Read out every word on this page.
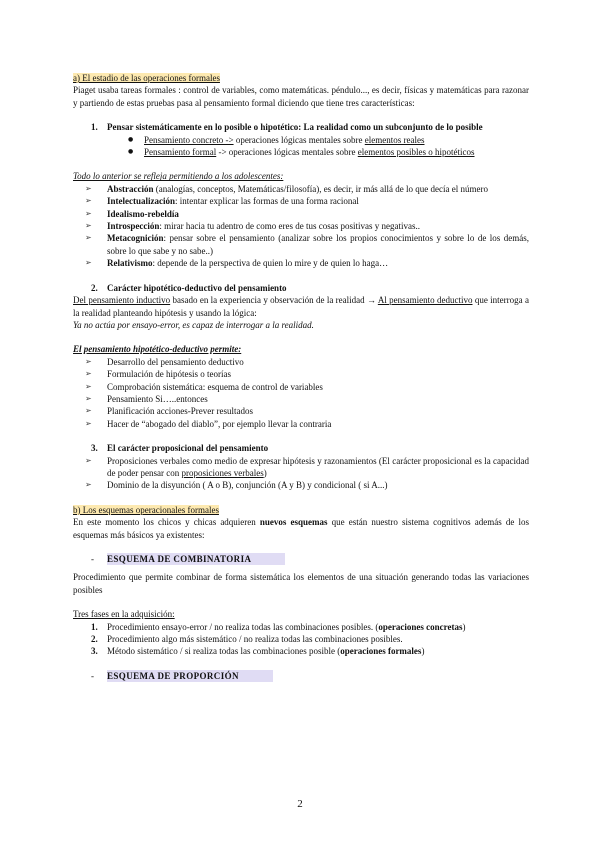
a) El estadio de las operaciones formales

Piaget usaba tareas formales : control de variables, como matemáticas. péndulo..., es decir, físicas y matemáticas para razonar y partiendo de estas pruebas pasa al pensamiento formal diciendo que tiene tres características:

1. Pensar sistemáticamente en lo posible o hipotético: La realidad como un subconjunto de lo posible
● Pensamiento concreto -> operaciones lógicas mentales sobre elementos reales
● Pensamiento formal -> operaciones lógicas mentales sobre elementos posibles o hipotéticos

Todo lo anterior se refleja permitiendo a los adolescentes:

➢ Abstracción (analogías, conceptos, Matemáticas/filosofía), es decir, ir más allá de lo que decía el número
➢ Intelectualización: intentar explicar las formas de una forma racional
➢ Idealismo-rebeldía
➢ Introspección: mirar hacia tu adentro de como eres de tus cosas positivas y negativas..
➢ Metacognición: pensar sobre el pensamiento (analizar sobre los propios conocimientos y sobre lo de los demás, sobre lo que sabe y no sabe..)
➢ Relativismo: depende de la perspectiva de quien lo mire y de quien lo haga…
2. Carácter hipotético-deductivo del pensamiento

Del pensamiento inductivo basado en la experiencia y observación de la realidad → Al pensamiento deductivo que interroga a la realidad planteando hipótesis y usando la lógica:

Ya no actúa por ensayo-error, es capaz de interrogar a la realidad.

El pensamiento hipotético-deductivo permite:

➢ Desarrollo del pensamiento deductivo
➢ Formulación de hipótesis o teorías
➢ Comprobación sistemática: esquema de control de variables
➢ Pensamiento Si…..entonces
➢ Planificación acciones-Prever resultados
➢ Hacer de “abogado del diablo”, por ejemplo llevar la contraria
3. El carácter proposicional del pensamiento
➢ Proposiciones verbales como medio de expresar hipótesis y razonamientos (El carácter proposicional es la capacidad de poder pensar con proposiciones verbales)
➢ Dominio de la disyunción ( A o B), conjunción (A y B) y condicional ( si A...)

b) Los esquemas operacionales formales

En este momento los chicos y chicas adquieren nuevos esquemas que están nuestro sistema cognitivos además de los esquemas más básicos ya existentes:

- ESQUEMA DE COMBINATORIA

Procedimiento que permite combinar de forma sistemática los elementos de una situación generando todas las variaciones posibles

Tres fases en la adquisición:

1. Procedimiento ensayo-error / no realiza todas las combinaciones posibles. (operaciones concretas)
2. Procedimiento algo más sistemático / no realiza todas las combinaciones posibles.
3. Método sistemático / si realiza todas las combinaciones posible (operaciones formales)

- ESQUEMA DE PROPORCIÓN

2
